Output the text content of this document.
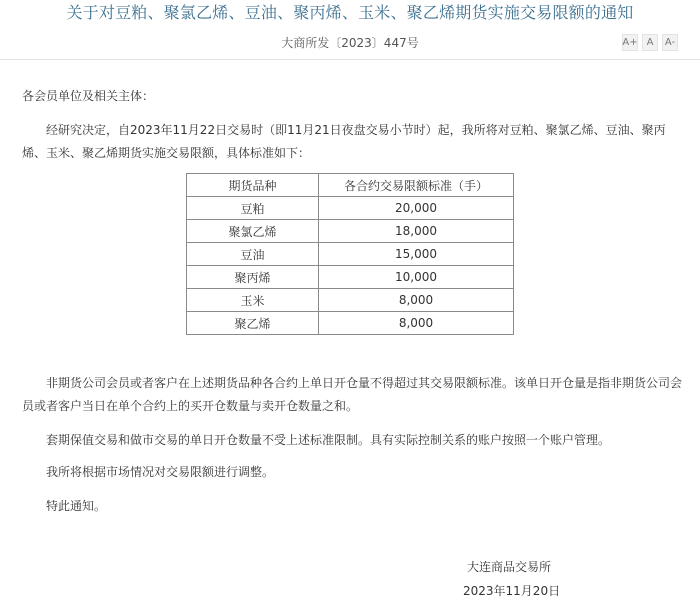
关于对豆粕、聚氯乙烯、豆油、聚丙烯、玉米、聚乙烯期货实施交易限额的通知
大商所发〔2023〕447号	A+ A	A-
各会员单位及相关主体：
经研究决定，自2023年11月22日交易时（即11月21日夜盘交易小节时）起，我所将对豆粕、聚氯乙烯、豆油、聚丙烯、玉米、聚乙烯期货实施交易限额，具体标准如下：
期货品种	各合约交易限额标准（手）
豆粕	20,000
聚氯乙烯	18,000
豆油	15,000
聚丙烯	10,000
玉米	8,000
聚乙烯	8,000
非期货公司会员或者客户在上述期货品种各合约上单日开仓量不得超过其交易限额标准。该单日开仓量是指非期货公司会员或者客户当日在单个合约上的买开仓数量与卖开仓数量之和。
套期保值交易和做市交易的单日开仓数量不受上述标准限制。具有实际控制关系的账户按照一个账户管理。
我所将根据市场情况对交易限额进行调整。
特此通知。
大连商品交易所
2023年11月20日
